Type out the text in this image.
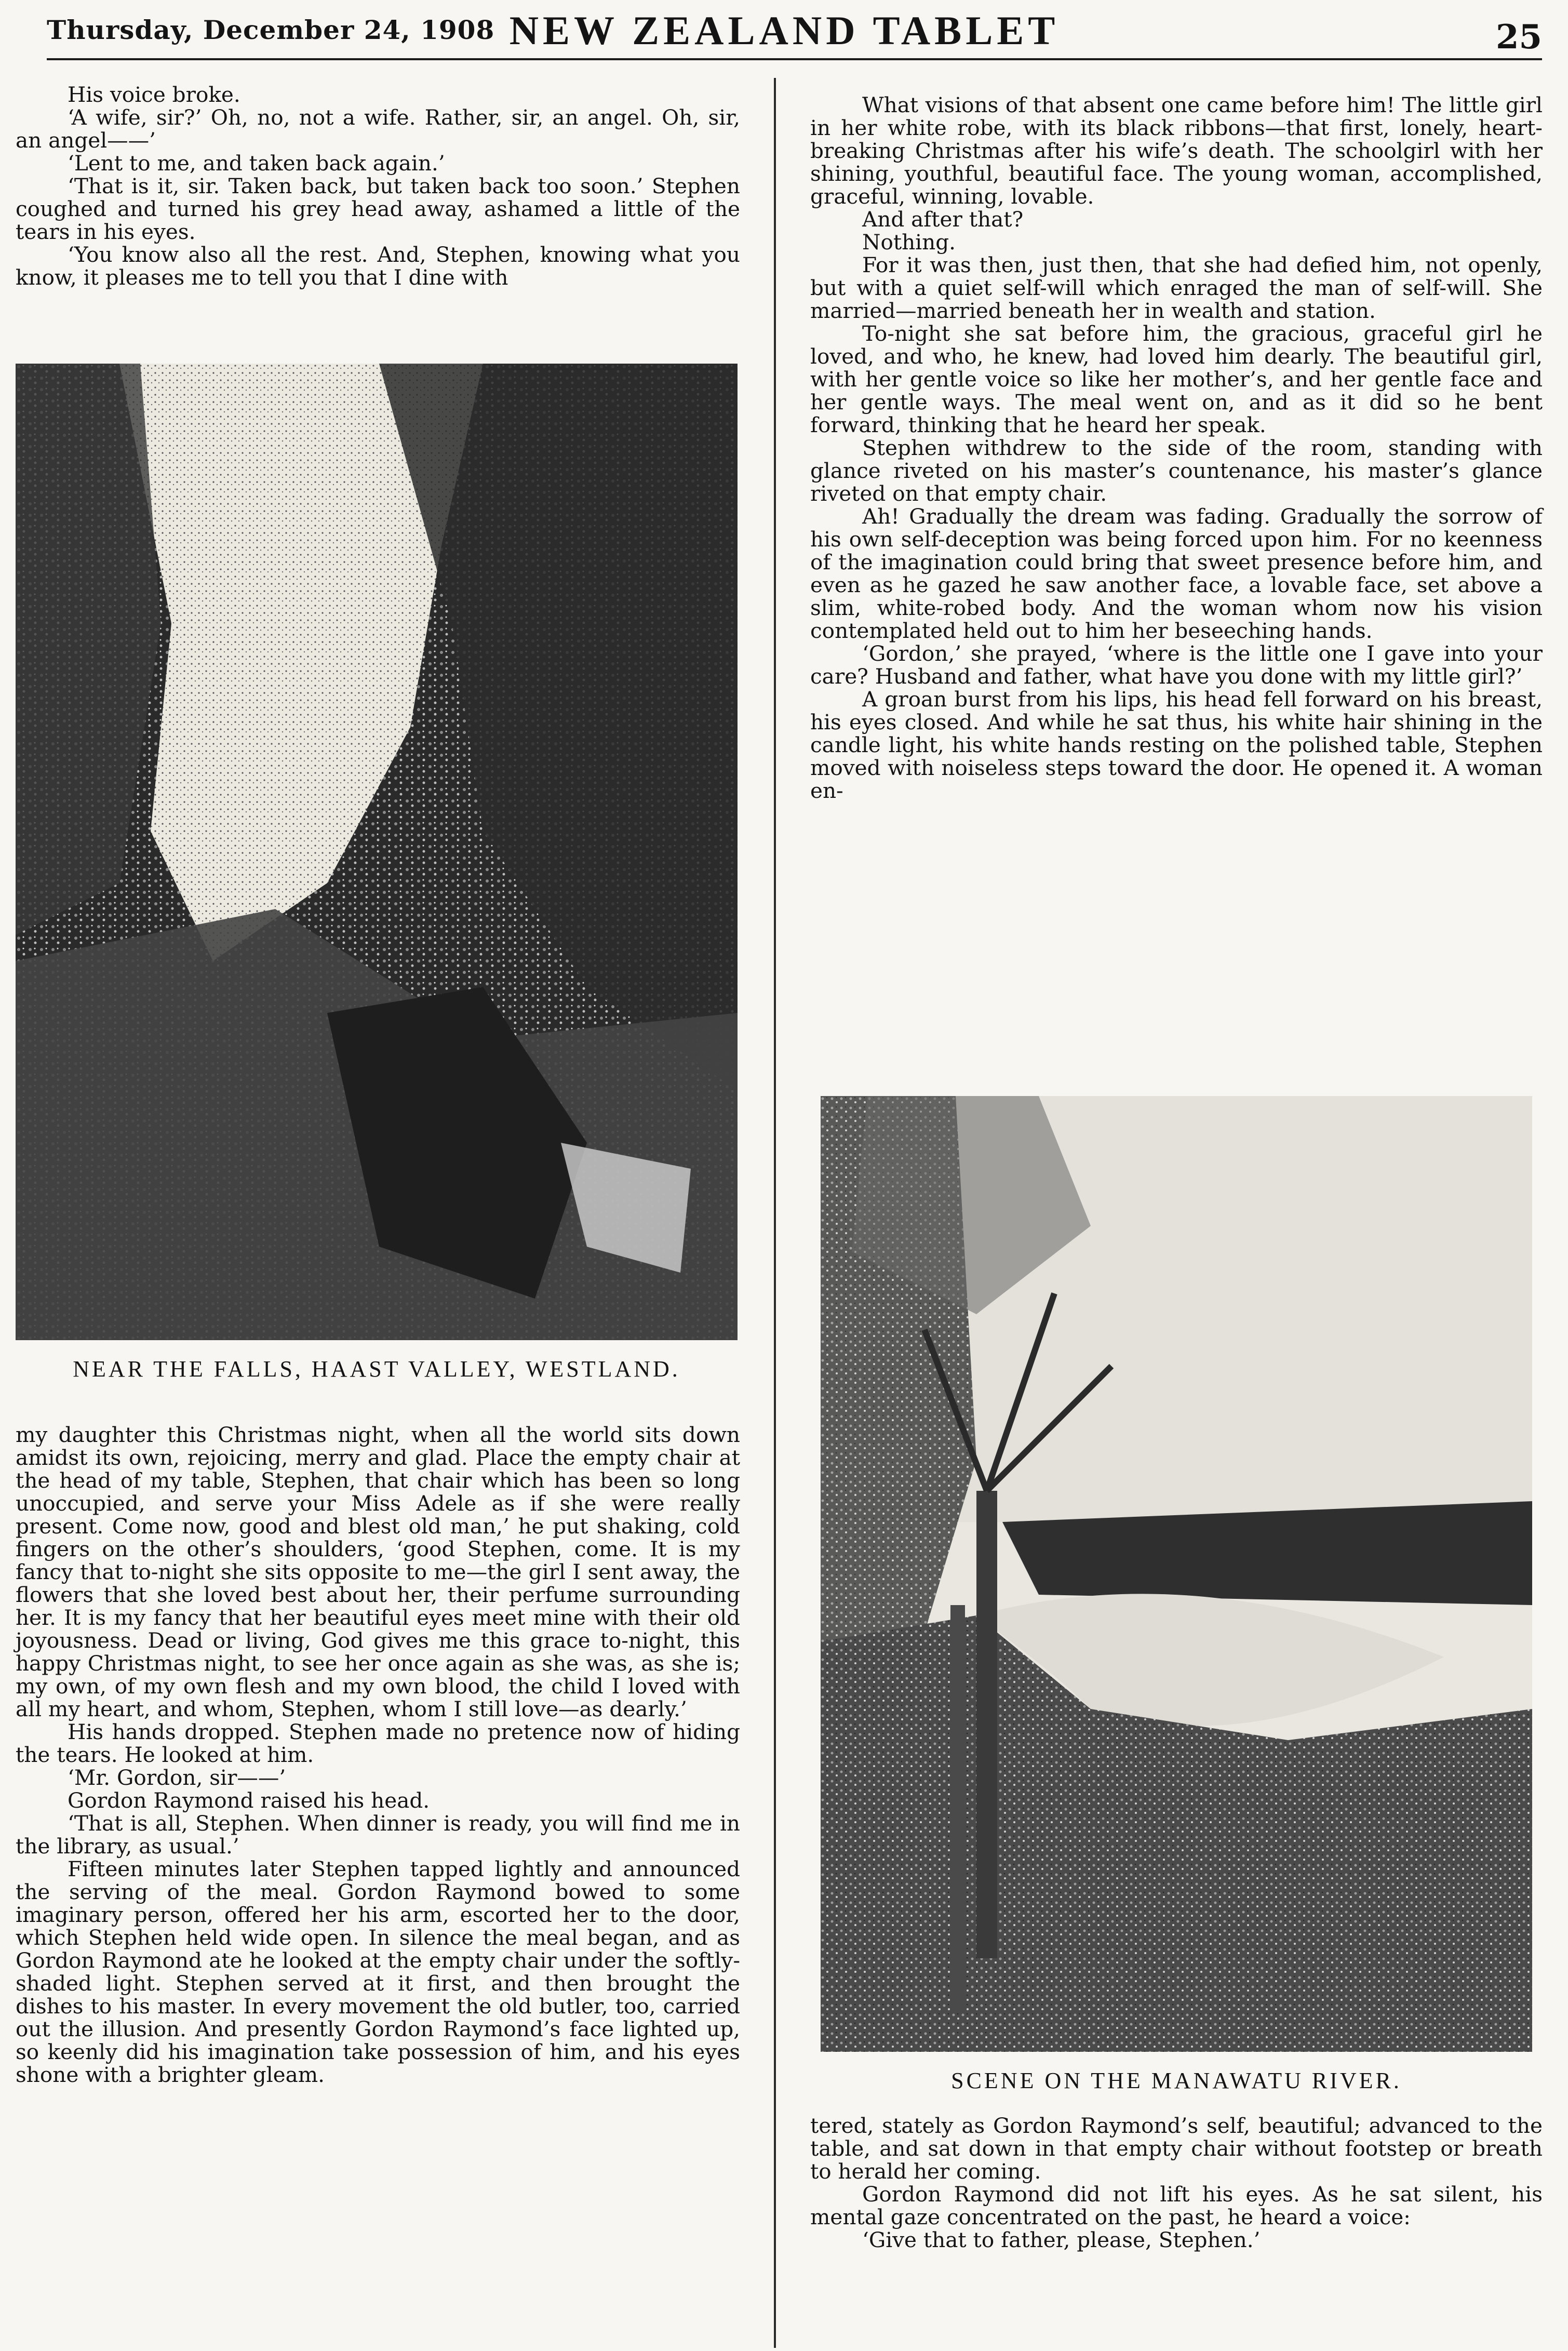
Thursday, December 24, 1908 NEW ZEALAND TABLET	25

His voice broke.

‘A wife, sir?’ Oh, no, not a wife. Rather, sir, an angel. Oh, sir, an angel——’

‘Lent to me, and taken back again.’

‘That is it, sir. Taken back, but taken back too soon.’ Stephen coughed and turned his grey head away, ashamed a little of the tears in his eyes.

‘You know also all the rest. And, Stephen, knowing what you know, it pleases me to tell you that I dine with

NEAR THE FALLS, HAAST VALLEY, WESTLAND.

my daughter this Christmas night, when all the world sits down amidst its own, rejoicing, merry and glad. Place the empty chair at the head of my table, Stephen, that chair which has been so long unoccupied, and serve your Miss Adele as if she were really present. Come now, good and blest old man,’ he put shaking, cold fingers on the other’s shoulders, ‘good Stephen, come. It is my fancy that to-night she sits opposite to me—the girl I sent away, the flowers that she loved best about her, their perfume surrounding her. It is my fancy that her beautiful eyes meet mine with their old joyousness. Dead or living, God gives me this grace to-night, this happy Christmas night, to see her once again as she was, as she is; my own, of my own flesh and my own blood, the child I loved with all my heart, and whom, Stephen, whom I still love—as dearly.’

His hands dropped. Stephen made no pretence now of hiding the tears. He looked at him.

‘Mr. Gordon, sir——’

Gordon Raymond raised his head.

‘That is all, Stephen. When dinner is ready, you will find me in the library, as usual.’

Fifteen minutes later Stephen tapped lightly and announced the serving of the meal. Gordon Raymond bowed to some imaginary person, offered her his arm, escorted her to the door, which Stephen held wide open. In silence the meal began, and as Gordon Raymond ate he looked at the empty chair under the softly-shaded light. Stephen served at it first, and then brought the dishes to his master. In every movement the old butler, too, carried out the illusion. And presently Gordon Raymond’s face lighted up, so keenly did his imagination take possession of him, and his eyes shone with a brighter gleam.

What visions of that absent one came before him! The little girl in her white robe, with its black ribbons—that first, lonely, heart-breaking Christmas after his wife’s death. The schoolgirl with her shining, youthful, beautiful face. The young woman, accomplished, graceful, winning, lovable.

And after that?

Nothing.

For it was then, just then, that she had defied him, not openly, but with a quiet self-will which enraged the man of self-will. She married—married beneath her in wealth and station.

To-night she sat before him, the gracious, graceful girl he loved, and who, he knew, had loved him dearly. The beautiful girl, with her gentle voice so like her mother’s, and her gentle face and her gentle ways. The meal went on, and as it did so he bent forward, thinking that he heard her speak.

Stephen withdrew to the side of the room, standing with glance riveted on his master’s countenance, his master’s glance riveted on that empty chair.

Ah! Gradually the dream was fading. Gradually the sorrow of his own self-deception was being forced upon him. For no keenness of the imagination could bring that sweet presence before him, and even as he gazed he saw another face, a lovable face, set above a slim, white-robed body. And the woman whom now his vision contemplated held out to him her beseeching hands.

‘Gordon,’ she prayed, ‘where is the little one I gave into your care? Husband and father, what have you done with my little girl?’

A groan burst from his lips, his head fell forward on his breast, his eyes closed. And while he sat thus, his white hair shining in the candle light, his white hands resting on the polished table, Stephen moved with noiseless steps toward the door. He opened it. A woman en-

SCENE ON THE MANAWATU RIVER.

tered, stately as Gordon Raymond’s self, beautiful; advanced to the table, and sat down in that empty chair without footstep or breath to herald her coming.

Gordon Raymond did not lift his eyes. As he sat silent, his mental gaze concentrated on the past, he heard a voice:

‘Give that to father, please, Stephen.’
